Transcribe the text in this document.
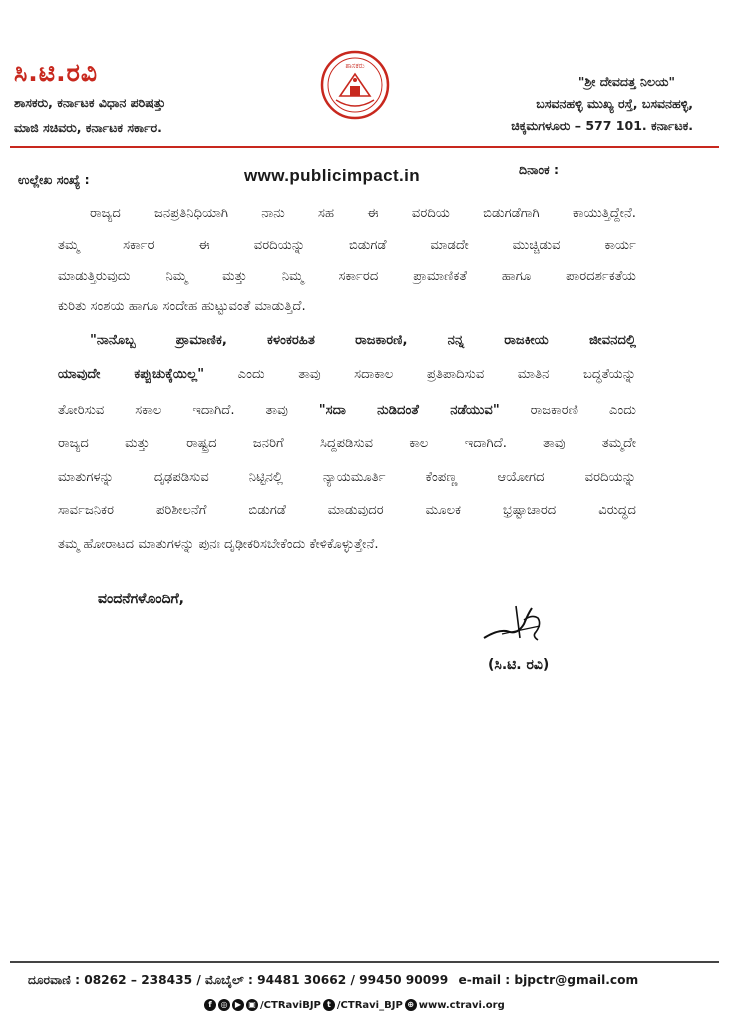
ಸಿ.ಟಿ.ರವಿ
ಶಾಸಕರು, ಕರ್ನಾಟಕ ವಿಧಾನ ಪರಿಷತ್ತು
ಮಾಜಿ ಸಚಿವರು, ಕರ್ನಾಟಕ ಸರ್ಕಾರ.
ಶಾಸಕರು
"ಶ್ರೀ ದೇವದತ್ತ ನಿಲಯ"
ಬಸವನಹಳ್ಳಿ ಮುಖ್ಯ ರಸ್ತೆ, ಬಸವನಹಳ್ಳಿ,
ಚಿಕ್ಕಮಗಳೂರು – 577 101. ಕರ್ನಾಟಕ.
ಉಲ್ಲೇಖ ಸಂಖ್ಯೆ :	www.publicimpact.in	ದಿನಾಂಕ :
ರಾಜ್ಯದ ಜನಪ್ರತಿನಿಧಿಯಾಗಿ ನಾನು ಸಹ ಈ ವರದಿಯ ಬಿಡುಗಡೆಗಾಗಿ ಕಾಯುತ್ತಿದ್ದೇನೆ.
ತಮ್ಮ ಸರ್ಕಾರ ಈ ವರದಿಯನ್ನು ಬಿಡುಗಡೆ ಮಾಡದೇ ಮುಚ್ಚಿಡುವ ಕಾರ್ಯ
ಮಾಡುತ್ತಿರುವುದು ನಿಮ್ಮ ಮತ್ತು ನಿಮ್ಮ ಸರ್ಕಾರದ ಪ್ರಾಮಾಣಿಕತೆ ಹಾಗೂ ಪಾರದರ್ಶಕತೆಯ
ಕುರಿತು ಸಂಶಯ ಹಾಗೂ ಸಂದೇಹ ಹುಟ್ಟುವಂತೆ ಮಾಡುತ್ತಿದೆ.
"ನಾನೊಬ್ಬ ಪ್ರಾಮಾಣಿಕ, ಕಳಂಕರಹಿತ ರಾಜಕಾರಣಿ, ನನ್ನ ರಾಜಕೀಯ ಜೀವನದಲ್ಲಿ
ಯಾವುದೇ ಕಪ್ಪುಚುಕ್ಕೆಯಿಲ್ಲ" ಎಂದು ತಾವು ಸದಾಕಾಲ ಪ್ರತಿಪಾದಿಸುವ ಮಾತಿನ ಬದ್ಧತೆಯನ್ನು
ತೋರಿಸುವ ಸಕಾಲ ಇದಾಗಿದೆ. ತಾವು "ಸದಾ ನುಡಿದಂತೆ ನಡೆಯುವ" ರಾಜಕಾರಣಿ ಎಂದು
ರಾಜ್ಯದ ಮತ್ತು ರಾಷ್ಟ್ರದ ಜನರಿಗೆ ಸಿದ್ದಪಡಿಸುವ ಕಾಲ ಇದಾಗಿದೆ. ತಾವು ತಮ್ಮದೇ
ಮಾತುಗಳನ್ನು ದೃಢಪಡಿಸುವ ನಿಟ್ಟಿನಲ್ಲಿ ನ್ಯಾಯಮೂರ್ತಿ ಕೆಂಪಣ್ಣ ಆಯೋಗದ ವರದಿಯನ್ನು
ಸಾರ್ವಜನಿಕರ ಪರಿಶೀಲನೆಗೆ ಬಿಡುಗಡೆ ಮಾಡುವುದರ ಮೂಲಕ ಭ್ರಷ್ಟಾಚಾರದ ವಿರುದ್ಧದ
ತಮ್ಮ ಹೋರಾಟದ ಮಾತುಗಳನ್ನು ಪುನಃ ದೃಢೀಕರಿಸಬೇಕೆಂದು ಕೇಳಿಕೊಳ್ಳುತ್ತೇನೆ.
ವಂದನೆಗಳೊಂದಿಗೆ,
(ಸಿ.ಟಿ. ರವಿ)
ದೂರವಾಣಿ : 08262 – 238435 / ಮೊಬೈಲ್ : 94481 30662 / 99450 90099 e-mail : bjpctr@gmail.com
f	◎ ▶ ▣ /CTRaviBJP t /CTRavi_BJP ⊕ www.ctravi.org
